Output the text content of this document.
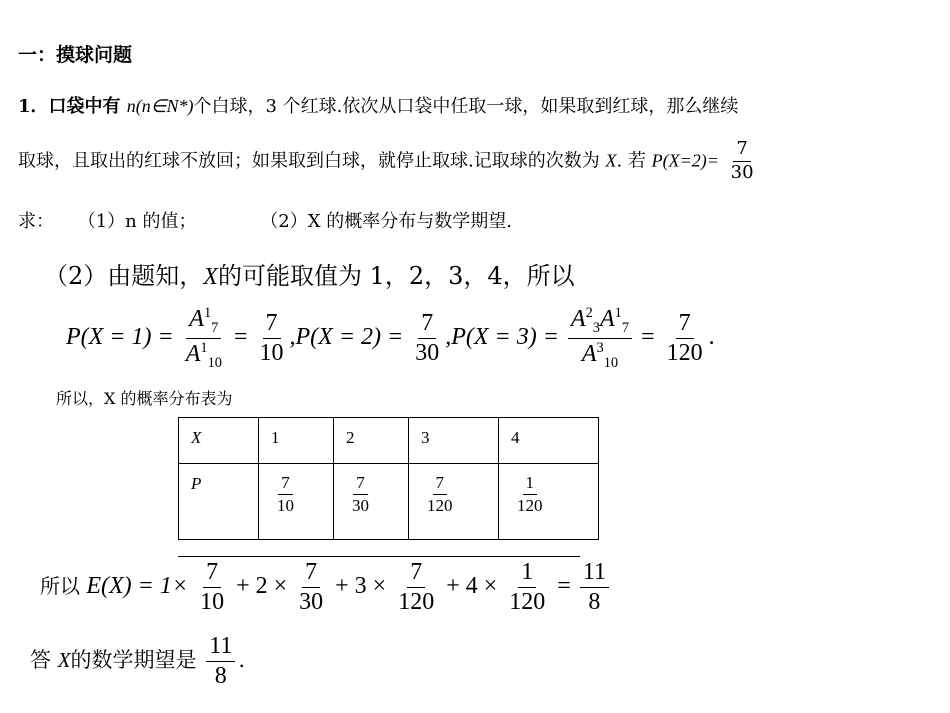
一：摸球问题
1．口袋中有 n(n∈N*)个白球，3 个红球.依次从口袋中任取一球，如果取到红球，那么继续
取球，且取出的红球不放回；如果取到白球，就停止取球.记取球的次数为 X. 若 $P(X=2)= \frac{7}{30}$
求： （1）n 的值；	（2）X 的概率分布与数学期望.
（2）由题知，X的可能取值为 1，2，3，4，所以
$P(X = 1) = \frac{A^1_7}{A^1_{10}} = \frac{7}{10} ,P(X = 2) = \frac{7}{30} ,P(X = 3) = \frac{A^2_3A^1_7}{A^3_{10}} = \frac{7}{120}$ .
所以，X 的概率分布表为
X	1	2	3	4
P	$\frac{7}{10}$	$\frac{7}{30}$	$\frac{7}{120}$	$\frac{1}{120}$
所以 $E(X) = 1\times \frac{7}{10} + 2 \times \frac{7}{30} + 3 \times \frac{7}{120} + 4 \times \frac{1}{120} = \frac{11}{8}$
答 X的数学期望是 $\frac{11}{8}$ .
